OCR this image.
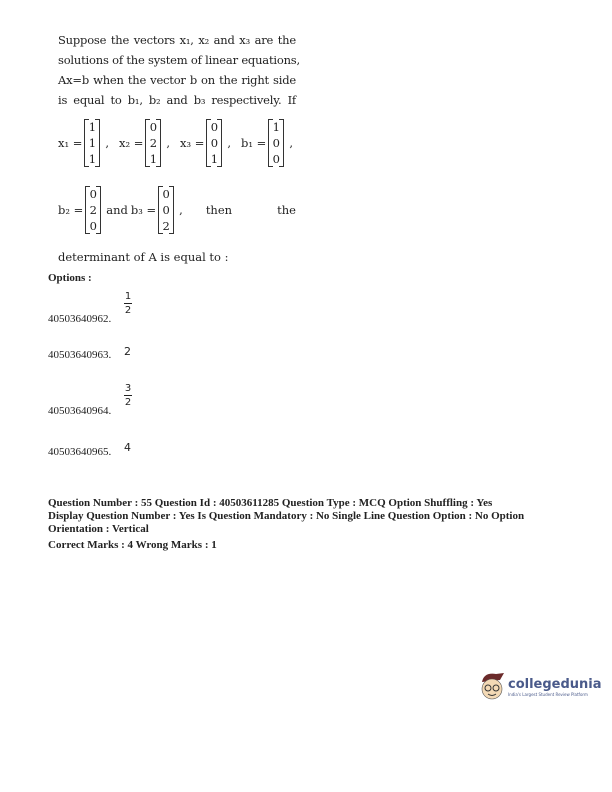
Suppose the vectors x₁, x₂ and x₃ are the
solutions of the system of linear equations,
Ax=b when the vector b on the right side
is equal to b₁, b₂ and b₃ respectively. If
x₁ =
1
1
1
, x₂ =
0
2
1
, x₃ =
0
0
1
, b₁ =
1
0
0
,
b₂ =
0
2
0
and b₃ =
0
0
2
, then	the
determinant of A is equal to :
Options :
40503640962.
1
2
40503640963. 2
40503640964.
3
2
40503640965. 4
Question Number : 55 Question Id : 40503611285 Question Type : MCQ Option Shuffling : Yes
Display Question Number : Yes Is Question Mandatory : No Single Line Question Option : No Option
Orientation : Vertical
Correct Marks : 4 Wrong Marks : 1
collegedunia
India's Largest Student Review Platform
